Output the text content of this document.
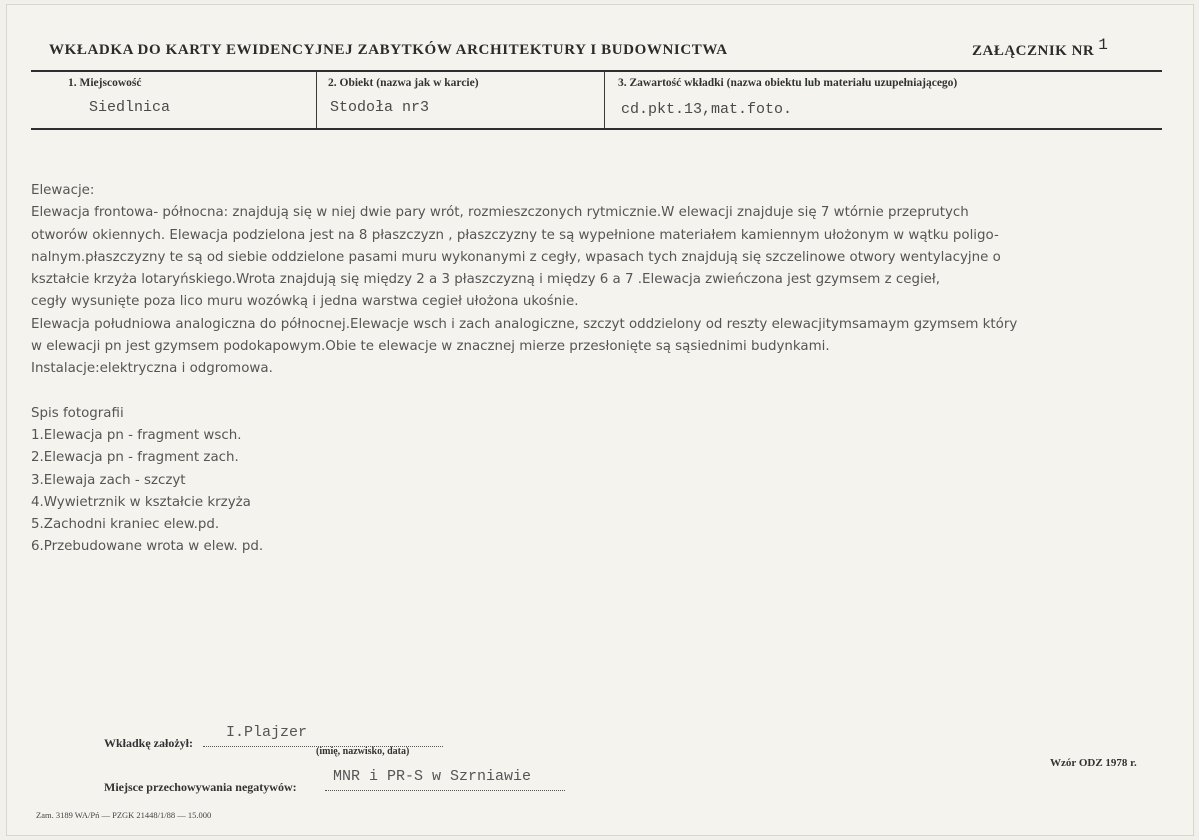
WKŁADKA DO KARTY EWIDENCYJNEJ ZABYTKÓW ARCHITEKTURY I BUDOWNICTWA	ZAŁĄCZNIK NR 1
1. Miejscowość
Siedlnica
2. Obiekt (nazwa jak w karcie)
Stodoła nr3
3. Zawartość wkładki (nazwa obiektu lub materiału uzupełniającego)
cd.pkt.13,mat.foto.

Elewacje:

Elewacja frontowa- północna: znajdują się w niej dwie pary wrót, rozmieszczonych rytmicznie.W elewacji znajduje się 7 wtórnie przeprutych

otworów okiennych. Elewacja podzielona jest na 8 płaszczyzn , płaszczyzny te są wypełnione materiałem kamiennym ułożonym w wątku poligo-

nalnym.płaszczyzny te są od siebie oddzielone pasami muru wykonanymi z cegły, wpasach tych znajdują się szczelinowe otwory wentylacyjne o

kształcie krzyża lotaryńskiego.Wrota znajdują się między 2 a 3 płaszczyzną i między 6 a 7 .Elewacja zwieńczona jest gzymsem z cegieł,

cegły wysunięte poza lico muru wozówką i jedna warstwa cegieł ułożona ukośnie.

Elewacja południowa analogiczna do północnej.Elewacje wsch i zach analogiczne, szczyt oddzielony od reszty elewacjitymsamaym gzymsem który

w elewacji pn jest gzymsem podokapowym.Obie te elewacje w znacznej mierze przesłonięte są sąsiednimi budynkami.

Instalacje:elektryczna i odgromowa.

Spis fotografii

1.Elewacja pn - fragment wsch.

2.Elewacja pn - fragment zach.

3.Elewaja zach - szczyt

4.Wywietrznik w kształcie krzyża

5.Zachodni kraniec elew.pd.

6.Przebudowane wrota w elew. pd.

Wkładkę założył:
I.Plajzer
(imię, nazwisko, data)
Miejsce przechowywania negatywów:
MNR i PR-S w Szrniawie
Wzór ODZ 1978 r.
Zam. 3189 WA/Pń — PZGK 21448/1/88 — 15.000
